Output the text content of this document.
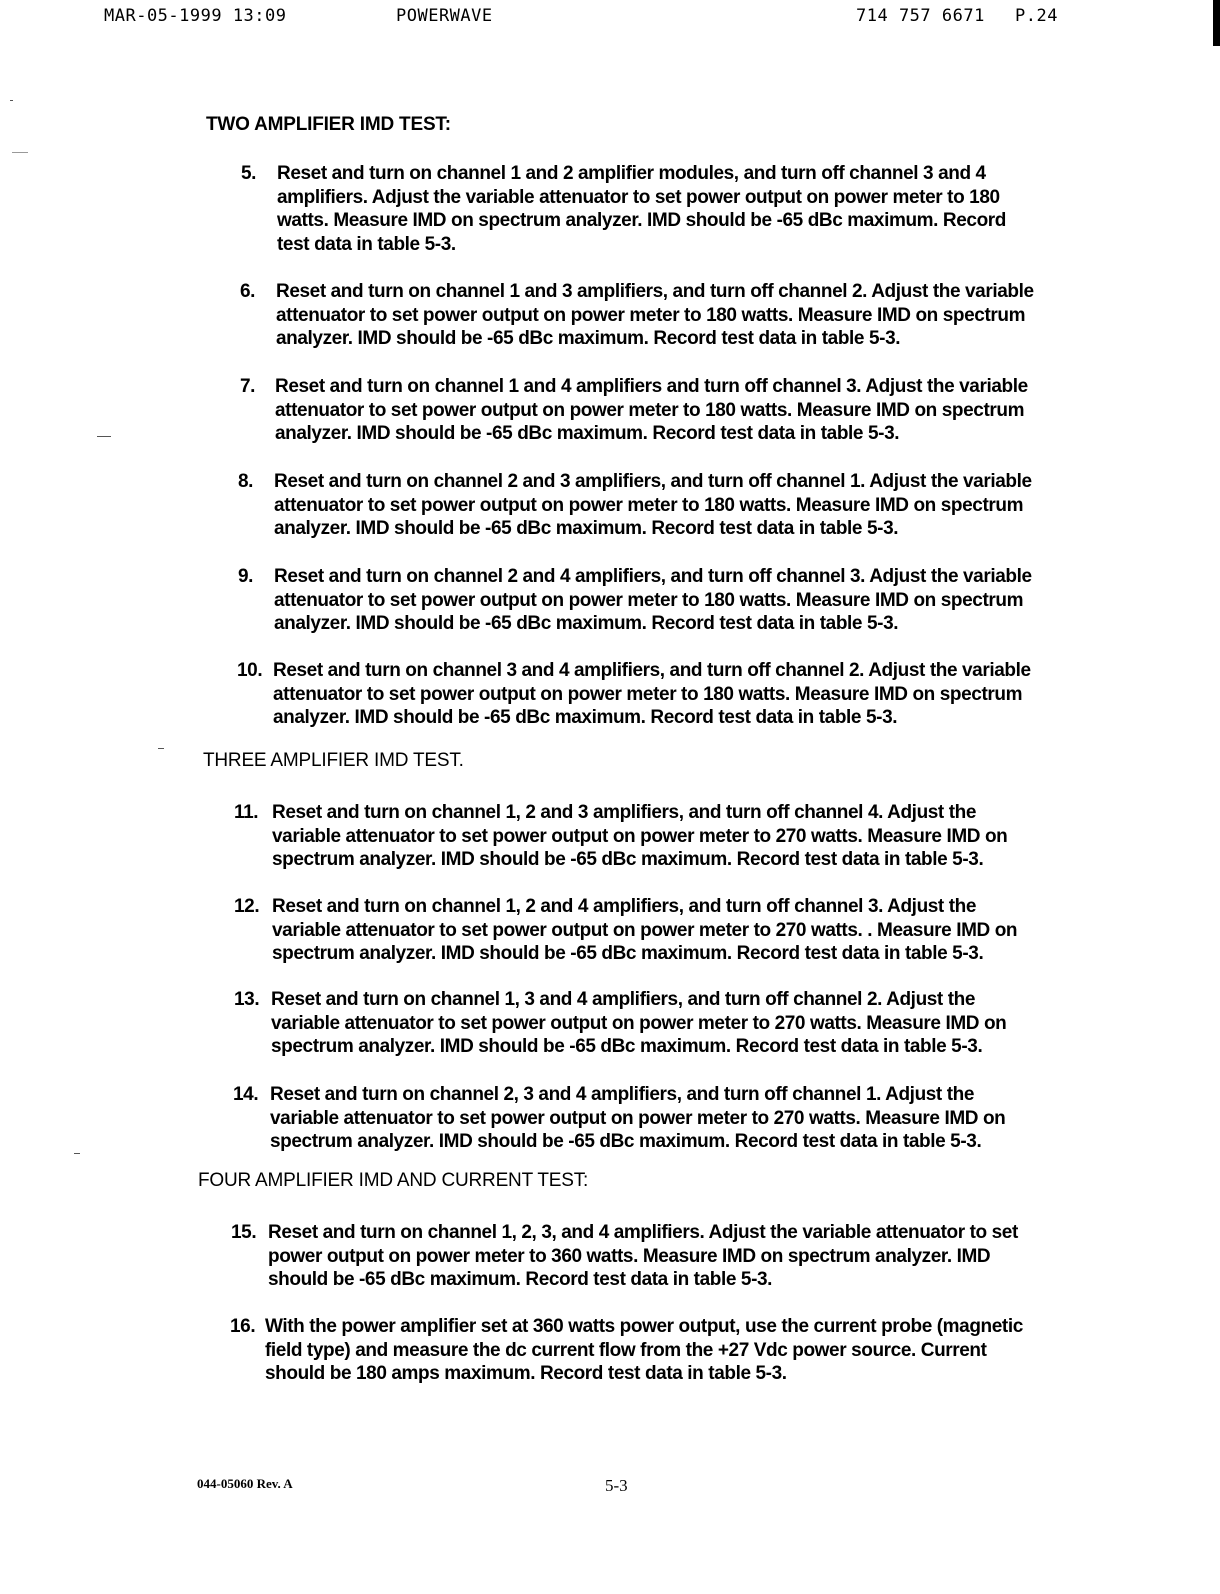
MAR-05-1999 13:09	POWERWAVE	714 757 6671 P.24
TWO AMPLIFIER IMD TEST:
5.	Reset and turn on channel 1 and 2 amplifier modules, and turn off channel 3 and 4 amplifiers. Adjust the variable attenuator to set power output on power meter to 180 watts. Measure IMD on spectrum analyzer. IMD should be -65 dBc maximum. Record test data in table 5-3.
6.	Reset and turn on channel 1 and 3 amplifiers, and turn off channel 2. Adjust the variable attenuator to set power output on power meter to 180 watts. Measure IMD on spectrum analyzer. IMD should be -65 dBc maximum. Record test data in table 5-3.
7.	Reset and turn on channel 1 and 4 amplifiers and turn off channel 3. Adjust the variable attenuator to set power output on power meter to 180 watts. Measure IMD on spectrum analyzer. IMD should be -65 dBc maximum. Record test data in table 5-3.
8.	Reset and turn on channel 2 and 3 amplifiers, and turn off channel 1. Adjust the variable attenuator to set power output on power meter to 180 watts. Measure IMD on spectrum analyzer. IMD should be -65 dBc maximum. Record test data in table 5-3.
9.	Reset and turn on channel 2 and 4 amplifiers, and turn off channel 3. Adjust the variable attenuator to set power output on power meter to 180 watts. Measure IMD on spectrum analyzer. IMD should be -65 dBc maximum. Record test data in table 5-3.
10. Reset and turn on channel 3 and 4 amplifiers, and turn off channel 2. Adjust the variable attenuator to set power output on power meter to 180 watts. Measure IMD on spectrum analyzer. IMD should be -65 dBc maximum. Record test data in table 5-3.
THREE AMPLIFIER IMD TEST.
11. Reset and turn on channel 1, 2 and 3 amplifiers, and turn off channel 4. Adjust the variable attenuator to set power output on power meter to 270 watts. Measure IMD on spectrum analyzer. IMD should be -65 dBc maximum. Record test data in table 5-3.
12. Reset and turn on channel 1, 2 and 4 amplifiers, and turn off channel 3. Adjust the variable attenuator to set power output on power meter to 270 watts. . Measure IMD on spectrum analyzer. IMD should be -65 dBc maximum. Record test data in table 5-3.
13. Reset and turn on channel 1, 3 and 4 amplifiers, and turn off channel 2. Adjust the variable attenuator to set power output on power meter to 270 watts. Measure IMD on spectrum analyzer. IMD should be -65 dBc maximum. Record test data in table 5-3.
14. Reset and turn on channel 2, 3 and 4 amplifiers, and turn off channel 1. Adjust the variable attenuator to set power output on power meter to 270 watts. Measure IMD on spectrum analyzer. IMD should be -65 dBc maximum. Record test data in table 5-3.
FOUR AMPLIFIER IMD AND CURRENT TEST:
15. Reset and turn on channel 1, 2, 3, and 4 amplifiers. Adjust the variable attenuator to set power output on power meter to 360 watts. Measure IMD on spectrum analyzer. IMD should be -65 dBc maximum. Record test data in table 5-3.
16. With the power amplifier set at 360 watts power output, use the current probe (magnetic field type) and measure the dc current flow from the +27 Vdc power source. Current should be 180 amps maximum. Record test data in table 5-3.
044-05060 Rev. A	5-3
